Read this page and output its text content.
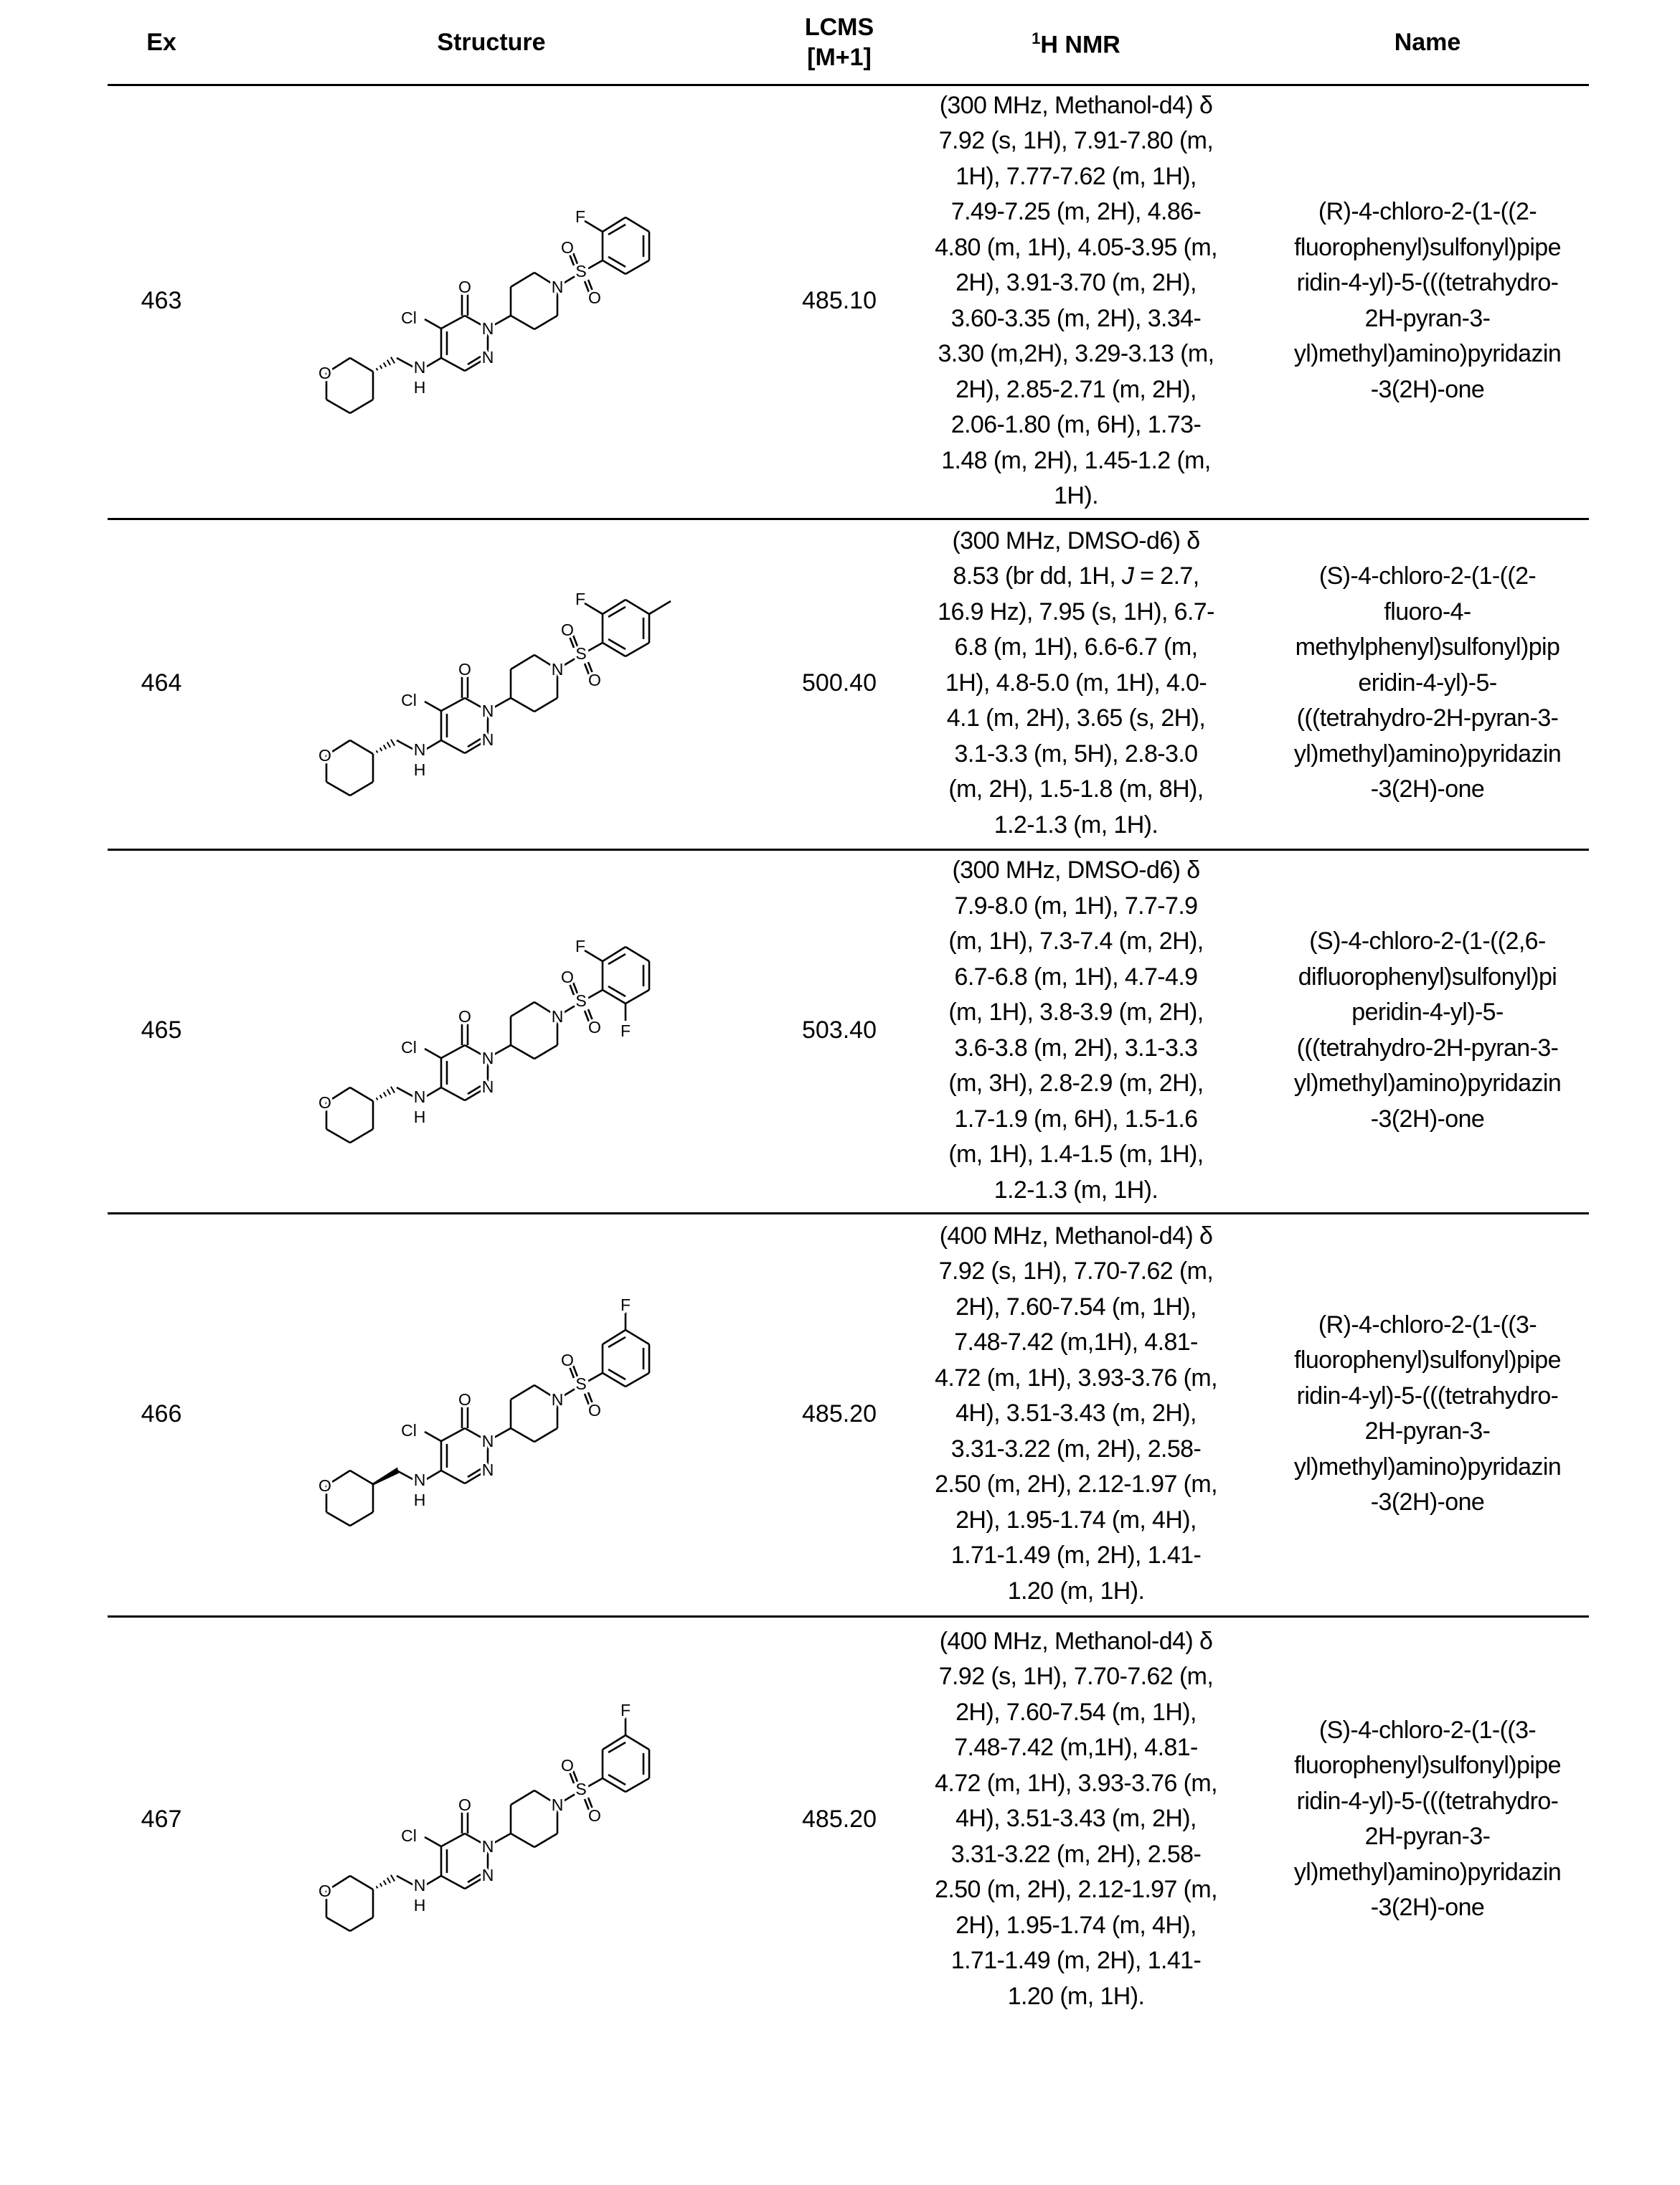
Ex	Structure
LCMS
[M+1]
1H NMR	Name
463
F
O	N
H
Cl
O
N
N
N
S
O
O	485.10
(300 MHz, Methanol-d4) δ
7.92 (s, 1H), 7.91-7.80 (m,
1H), 7.77-7.62 (m, 1H),
7.49-7.25 (m, 2H), 4.86-
4.80 (m, 1H), 4.05-3.95 (m,
2H), 3.91-3.70 (m, 2H),
3.60-3.35 (m, 2H), 3.34-
3.30 (m,2H), 3.29-3.13 (m,
2H), 2.85-2.71 (m, 2H),
2.06-1.80 (m, 6H), 1.73-
1.48 (m, 2H), 1.45-1.2 (m,
1H).
(R)-4-chloro-2-(1-((2-
fluorophenyl)sulfonyl)pipe
ridin-4-yl)-5-(((tetrahydro-
2H-pyran-3-
yl)methyl)amino)pyridazin
-3(2H)-one
464
F
O	N
H
Cl
O
N
N
N
S
O
O	500.40
(300 MHz, DMSO-d6) δ
8.53 (br dd, 1H, J = 2.7,
16.9 Hz), 7.95 (s, 1H), 6.7-
6.8 (m, 1H), 6.6-6.7 (m,
1H), 4.8-5.0 (m, 1H), 4.0-
4.1 (m, 2H), 3.65 (s, 2H),
3.1-3.3 (m, 5H), 2.8-3.0
(m, 2H), 1.5-1.8 (m, 8H),
1.2-1.3 (m, 1H).
(S)-4-chloro-2-(1-((2-
fluoro-4-
methylphenyl)sulfonyl)pip
eridin-4-yl)-5-
(((tetrahydro-2H-pyran-3-
yl)methyl)amino)pyridazin
-3(2H)-one
465
F
F
O	N
H
Cl
O
N
N
N
S
O
O	503.40
(300 MHz, DMSO-d6) δ
7.9-8.0 (m, 1H), 7.7-7.9
(m, 1H), 7.3-7.4 (m, 2H),
6.7-6.8 (m, 1H), 4.7-4.9
(m, 1H), 3.8-3.9 (m, 2H),
3.6-3.8 (m, 2H), 3.1-3.3
(m, 3H), 2.8-2.9 (m, 2H),
1.7-1.9 (m, 6H), 1.5-1.6
(m, 1H), 1.4-1.5 (m, 1H),
1.2-1.3 (m, 1H).
(S)-4-chloro-2-(1-((2,6-
difluorophenyl)sulfonyl)pi
peridin-4-yl)-5-
(((tetrahydro-2H-pyran-3-
yl)methyl)amino)pyridazin
-3(2H)-one
466
F
O	N
H
Cl
O
N
N
N
S
O
O	485.20
(400 MHz, Methanol-d4) δ
7.92 (s, 1H), 7.70-7.62 (m,
2H), 7.60-7.54 (m, 1H),
7.48-7.42 (m,1H), 4.81-
4.72 (m, 1H), 3.93-3.76 (m,
4H), 3.51-3.43 (m, 2H),
3.31-3.22 (m, 2H), 2.58-
2.50 (m, 2H), 2.12-1.97 (m,
2H), 1.95-1.74 (m, 4H),
1.71-1.49 (m, 2H), 1.41-
1.20 (m, 1H).
(R)-4-chloro-2-(1-((3-
fluorophenyl)sulfonyl)pipe
ridin-4-yl)-5-(((tetrahydro-
2H-pyran-3-
yl)methyl)amino)pyridazin
-3(2H)-one
467
F
O	N
H
Cl
O
N
N
N
S
O
O	485.20
(400 MHz, Methanol-d4) δ
7.92 (s, 1H), 7.70-7.62 (m,
2H), 7.60-7.54 (m, 1H),
7.48-7.42 (m,1H), 4.81-
4.72 (m, 1H), 3.93-3.76 (m,
4H), 3.51-3.43 (m, 2H),
3.31-3.22 (m, 2H), 2.58-
2.50 (m, 2H), 2.12-1.97 (m,
2H), 1.95-1.74 (m, 4H),
1.71-1.49 (m, 2H), 1.41-
1.20 (m, 1H).
(S)-4-chloro-2-(1-((3-
fluorophenyl)sulfonyl)pipe
ridin-4-yl)-5-(((tetrahydro-
2H-pyran-3-
yl)methyl)amino)pyridazin
-3(2H)-one
